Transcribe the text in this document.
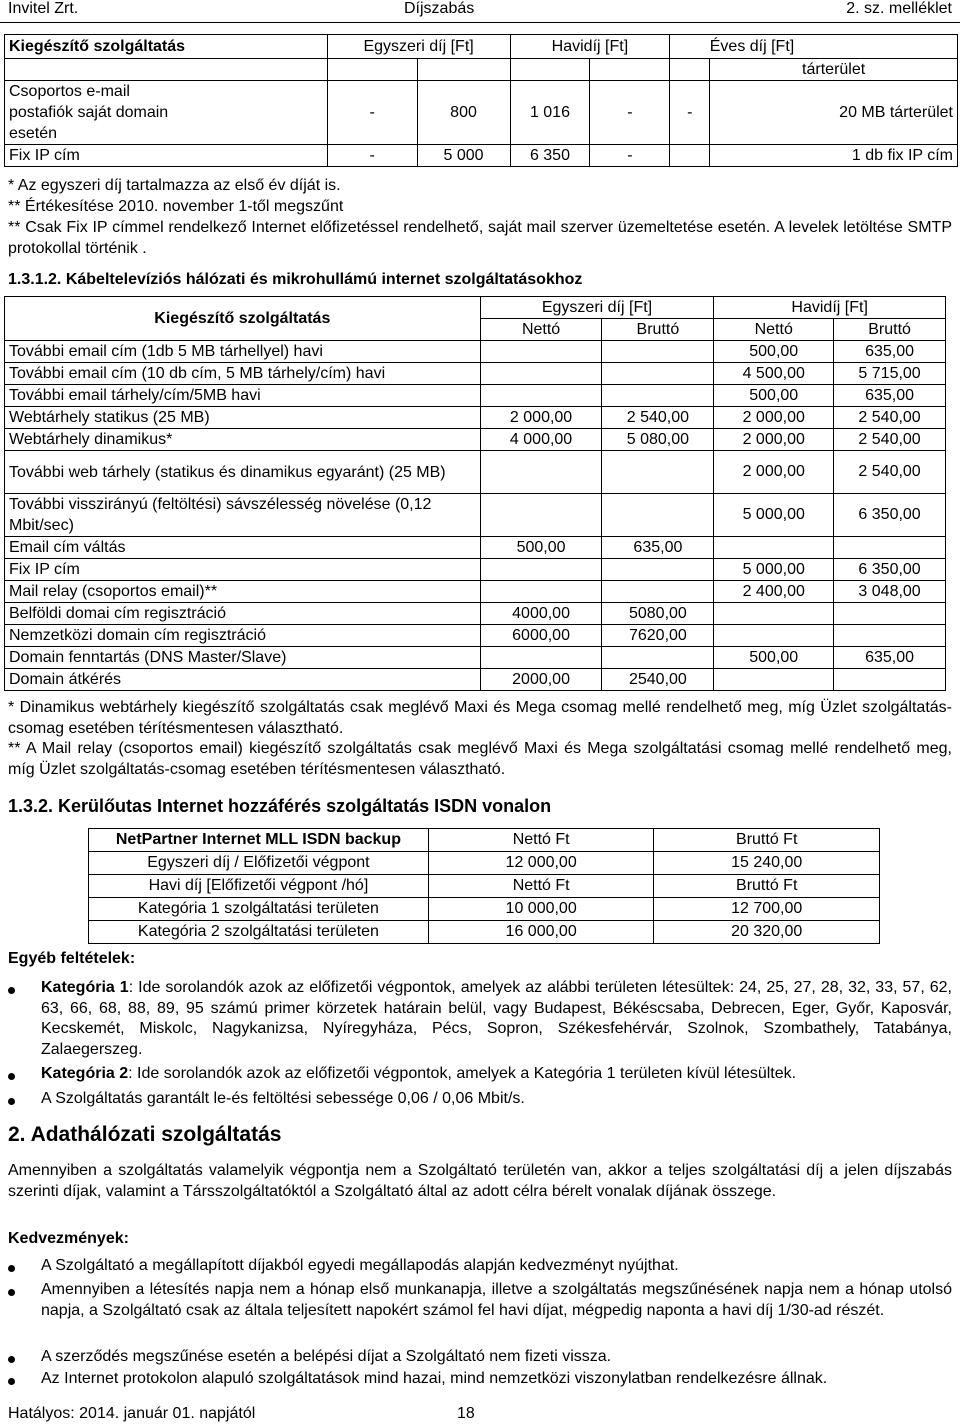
Invitel Zrt.	Díjszabás	2. sz. melléklet
Kiegészítő szolgáltatás	Egyszeri díj [Ft]		Havidíj [Ft]			Éves díj [Ft]
						tárterület

Csoportos e-mail
postafiók saját domain
esetén	-	800	1 016	-	-	20 MB tárterület
Fix IP cím	-	5 000	6 350	-		1 db fix IP cím

* Az egyszeri díj tartalmazza az első év díját is.

** Értékesítése 2010. november 1-től megszűnt

** Csak Fix IP címmel rendelkező Internet előfizetéssel rendelhető, saját mail szerver üzemeltetése esetén. A levelek letöltése SMTP protokollal történik .

1.3.1.2. Kábeltelevíziós hálózati és mikrohullámú internet szolgáltatásokhoz
Kiegészítő szolgáltatás	Egyszeri díj [Ft]		Havidíj [Ft]	
	Nettó	Bruttó	Nettó	Bruttó
További email cím (1db 5 MB tárhellyel) havi			500,00	635,00
További email cím (10 db cím, 5 MB tárhely/cím) havi			4 500,00	5 715,00
További email tárhely/cím/5MB havi			500,00	635,00
Webtárhely statikus (25 MB)	2 000,00	2 540,00	2 000,00	2 540,00
Webtárhely dinamikus*	4 000,00	5 080,00	2 000,00	2 540,00
További web tárhely (statikus és dinamikus egyaránt) (25 MB)			2 000,00	2 540,00
További visszirányú (feltöltési) sávszélesség növelése (0,12 Mbit/sec)			5 000,00	6 350,00
Email cím váltás	500,00	635,00		
Fix IP cím			5 000,00	6 350,00
Mail relay (csoportos email)**			2 400,00	3 048,00
Belföldi domai cím regisztráció	4000,00	5080,00		
Nemzetközi domain cím regisztráció	6000,00	7620,00		
Domain fenntartás (DNS Master/Slave)			500,00	635,00
Domain átkérés	2000,00	2540,00		

* Dinamikus webtárhely kiegészítő szolgáltatás csak meglévő Maxi és Mega csomag mellé rendelhető meg, míg Üzlet szolgáltatás-csomag esetében térítésmentesen választható.

** A Mail relay (csoportos email) kiegészítő szolgáltatás csak meglévő Maxi és Mega szolgáltatási csomag mellé rendelhető meg, míg Üzlet szolgáltatás-csomag esetében térítésmentesen választható.

1.3.2. Kerülőutas Internet hozzáférés szolgáltatás ISDN vonalon
NetPartner Internet MLL ISDN backup	Nettó Ft	Bruttó Ft
Egyszeri díj / Előfizetői végpont	12 000,00	15 240,00
Havi díj [Előfizetői végpont /hó]	Nettó Ft	Bruttó Ft
Kategória 1 szolgáltatási területen	10 000,00	12 700,00
Kategória 2 szolgáltatási területen	16 000,00	20 320,00
Egyéb feltételek:
Kategória 1: Ide sorolandók azok az előfizetői végpontok, amelyek az alábbi területen létesültek: 24, 25, 27, 28, 32, 33, 57, 62, 63, 66, 68, 88, 89, 95 számú primer körzetek határain belül, vagy Budapest, Békéscsaba, Debrecen, Eger, Győr, Kaposvár, Kecskemét, Miskolc, Nagykanizsa, Nyíregyháza, Pécs, Sopron, Székesfehérvár, Szolnok, Szombathely, Tatabánya, Zalaegerszeg.
Kategória 2: Ide sorolandók azok az előfizetői végpontok, amelyek a Kategória 1 területen kívül létesültek.
A Szolgáltatás garantált le-és feltöltési sebessége 0,06 / 0,06 Mbit/s.
2. Adathálózati szolgáltatás

Amennyiben a szolgáltatás valamelyik végpontja nem a Szolgáltató területén van, akkor a teljes szolgáltatási díj a jelen díjszabás szerinti díjak, valamint a Társszolgáltatóktól a Szolgáltató által az adott célra bérelt vonalak díjának összege.

Kedvezmények:
A Szolgáltató a megállapított díjakból egyedi megállapodás alapján kedvezményt nyújthat.
Amennyiben a létesítés napja nem a hónap első munkanapja, illetve a szolgáltatás megszűnésének napja nem a hónap utolsó napja, a Szolgáltató csak az általa teljesített napokért számol fel havi díjat, mégpedig naponta a havi díj 1/30-ad részét.
A szerződés megszűnése esetén a belépési díjat a Szolgáltató nem fizeti vissza.
Az Internet protokolon alapuló szolgáltatások mind hazai, mind nemzetközi viszonylatban rendelkezésre állnak.
Hatályos: 2014. január 01. napjától	18
